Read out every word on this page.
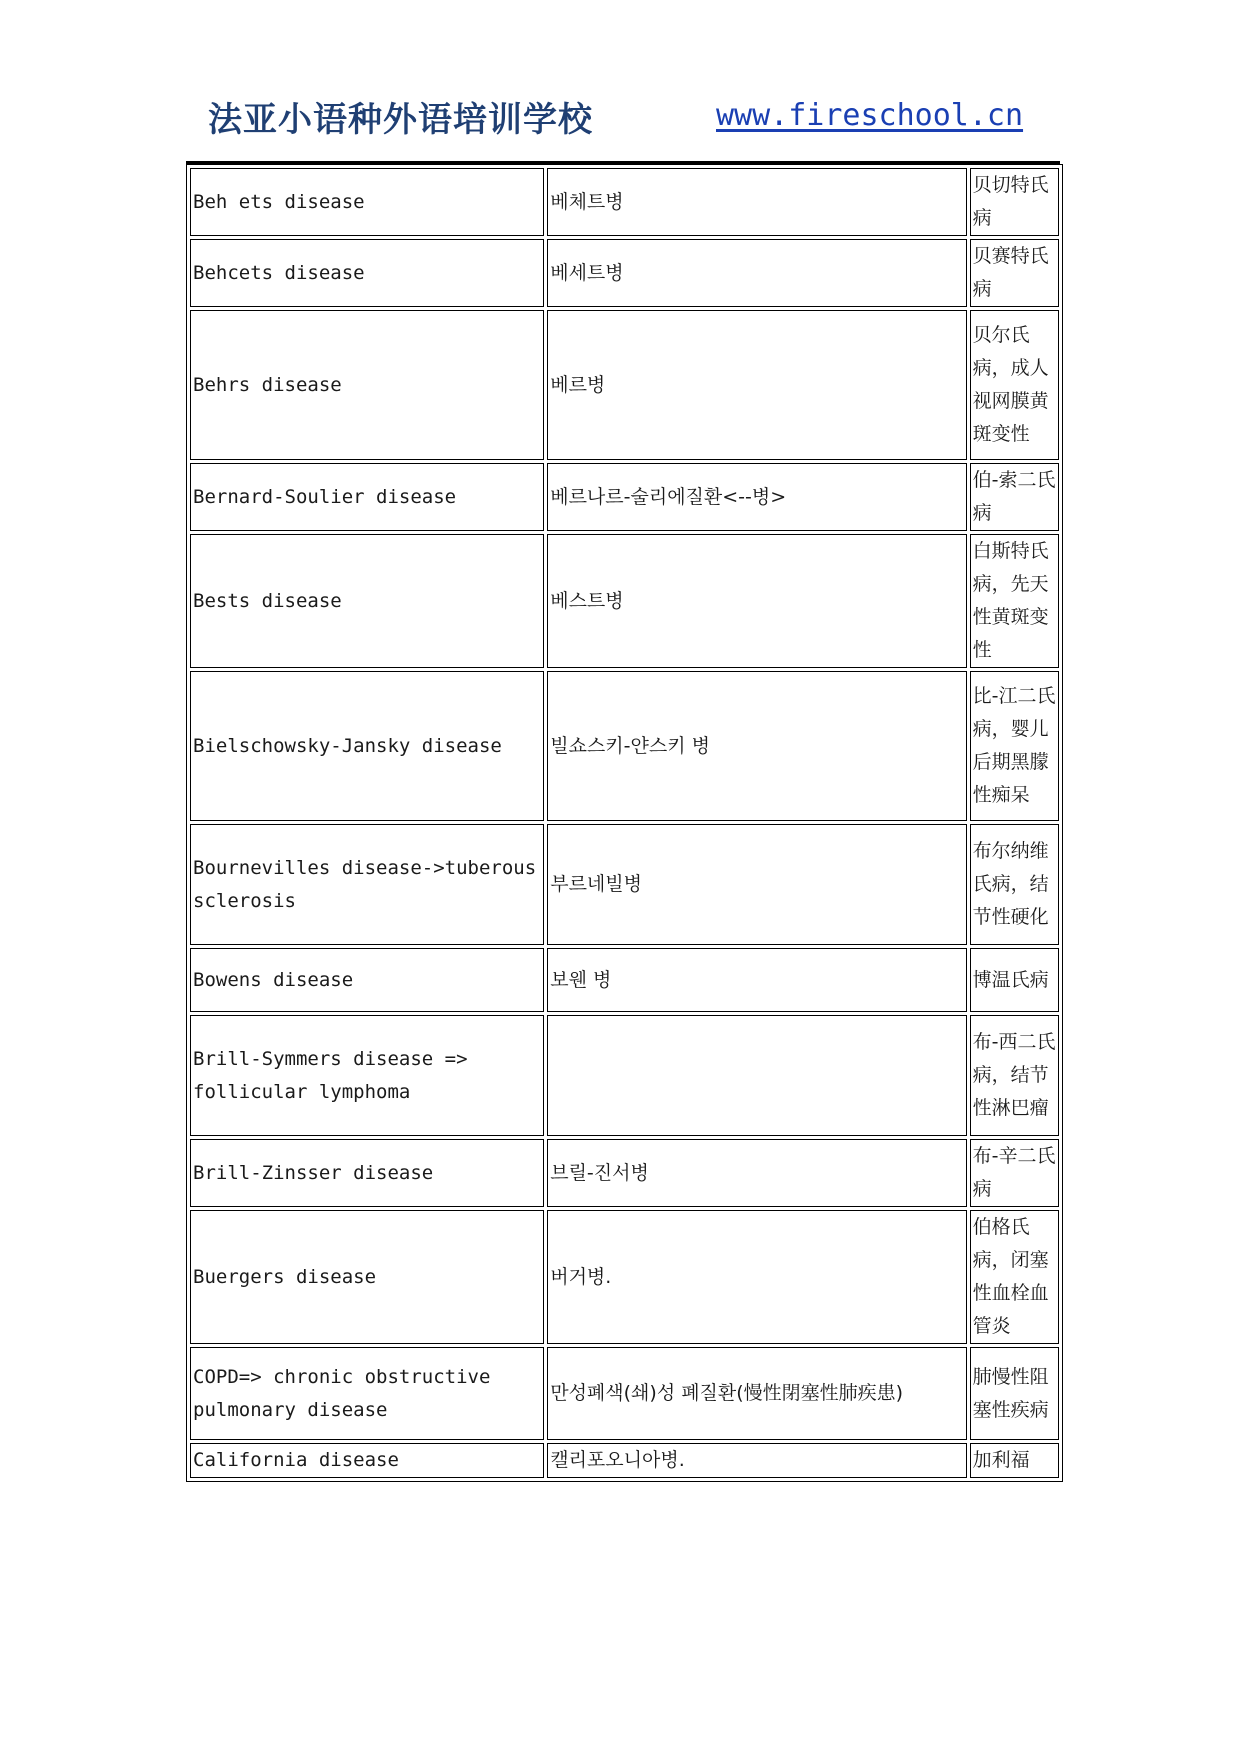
法亚小语种外语培训学校	www.fireschool.cn
Beh ets disease	베체트병	贝切特氏病
Behcets disease	베세트병	贝赛特氏病
Behrs disease	베르병	贝尔氏病，成人视网膜黄斑变性
Bernard-Soulier disease	베르나르-술리에질환<--병>	伯-索二氏病
Bests disease	베스트병	白斯特氏病，先天性黄斑变性
Bielschowsky-Jansky disease	빌쇼스키-얀스키 병	比-江二氏病，婴儿后期黑朦性痴呆
Bournevilles disease->tuberous sclerosis	부르네빌병	布尔纳维氏病，结节性硬化
Bowens disease	보웬 병	博温氏病
Brill-Symmers disease => follicular lymphoma		布-西二氏病，结节性淋巴瘤
Brill-Zinsser disease	브릴-진서병	布-辛二氏病
Buergers disease	버거병.	伯格氏病，闭塞性血栓血管炎
COPD=> chronic obstructive pulmonary disease	만성폐색(쇄)성 폐질환(慢性閉塞性肺疾患)	肺慢性阻塞性疾病
California disease	캘리포오니아병.	加利福
